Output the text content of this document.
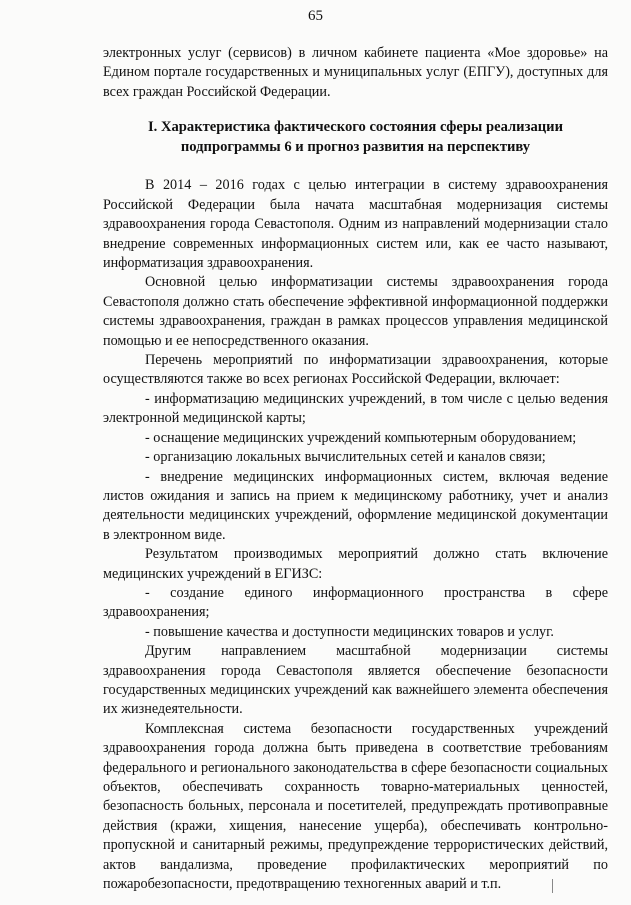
65

электронных услуг (сервисов) в личном кабинете пациента «Мое здоровье» на Едином портале государственных и муниципальных услуг (ЕПГУ), доступных для всех граждан Российской Федерации.

I. Характеристика фактического состояния сферы реализации
подпрограммы 6 и прогноз развития на перспективу

В 2014 – 2016 годах с целью интеграции в систему здравоохранения Российской Федерации была начата масштабная модернизация системы здравоохранения города Севастополя. Одним из направлений модернизации стало внедрение современных информационных систем или, как ее часто называют, информатизация здравоохранения.

Основной целью информатизации системы здравоохранения города Севастополя должно стать обеспечение эффективной информационной поддержки системы здравоохранения, граждан в рамках процессов управления медицинской помощью и ее непосредственного оказания.

Перечень мероприятий по информатизации здравоохранения, которые осуществляются также во всех регионах Российской Федерации, включает:

- информатизацию медицинских учреждений, в том числе с целью ведения электронной медицинской карты;

- оснащение медицинских учреждений компьютерным оборудованием;

- организацию локальных вычислительных сетей и каналов связи;

- внедрение медицинских информационных систем, включая ведение листов ожидания и запись на прием к медицинскому работнику, учет и анализ деятельности медицинских учреждений, оформление медицинской документации в электронном виде.

Результатом производимых мероприятий должно стать включение медицинских учреждений в ЕГИЗС:

- создание единого информационного пространства в сфере здравоохранения;

- повышение качества и доступности медицинских товаров и услуг.

Другим направлением масштабной модернизации системы здравоохранения города Севастополя является обеспечение безопасности государственных медицинских учреждений как важнейшего элемента обеспечения их жизнедеятельности.

Комплексная система безопасности государственных учреждений здравоохранения города должна быть приведена в соответствие требованиям федерального и регионального законодательства в сфере безопасности социальных объектов, обеспечивать сохранность товарно-материальных ценностей, безопасность больных, персонала и посетителей, предупреждать противоправные действия (кражи, хищения, нанесение ущерба), обеспечивать контрольно-пропускной и санитарный режимы, предупреждение террористических действий, актов вандализма, проведение профилактических мероприятий по пожаробезопасности, предотвращению техногенных аварий и т.п.
